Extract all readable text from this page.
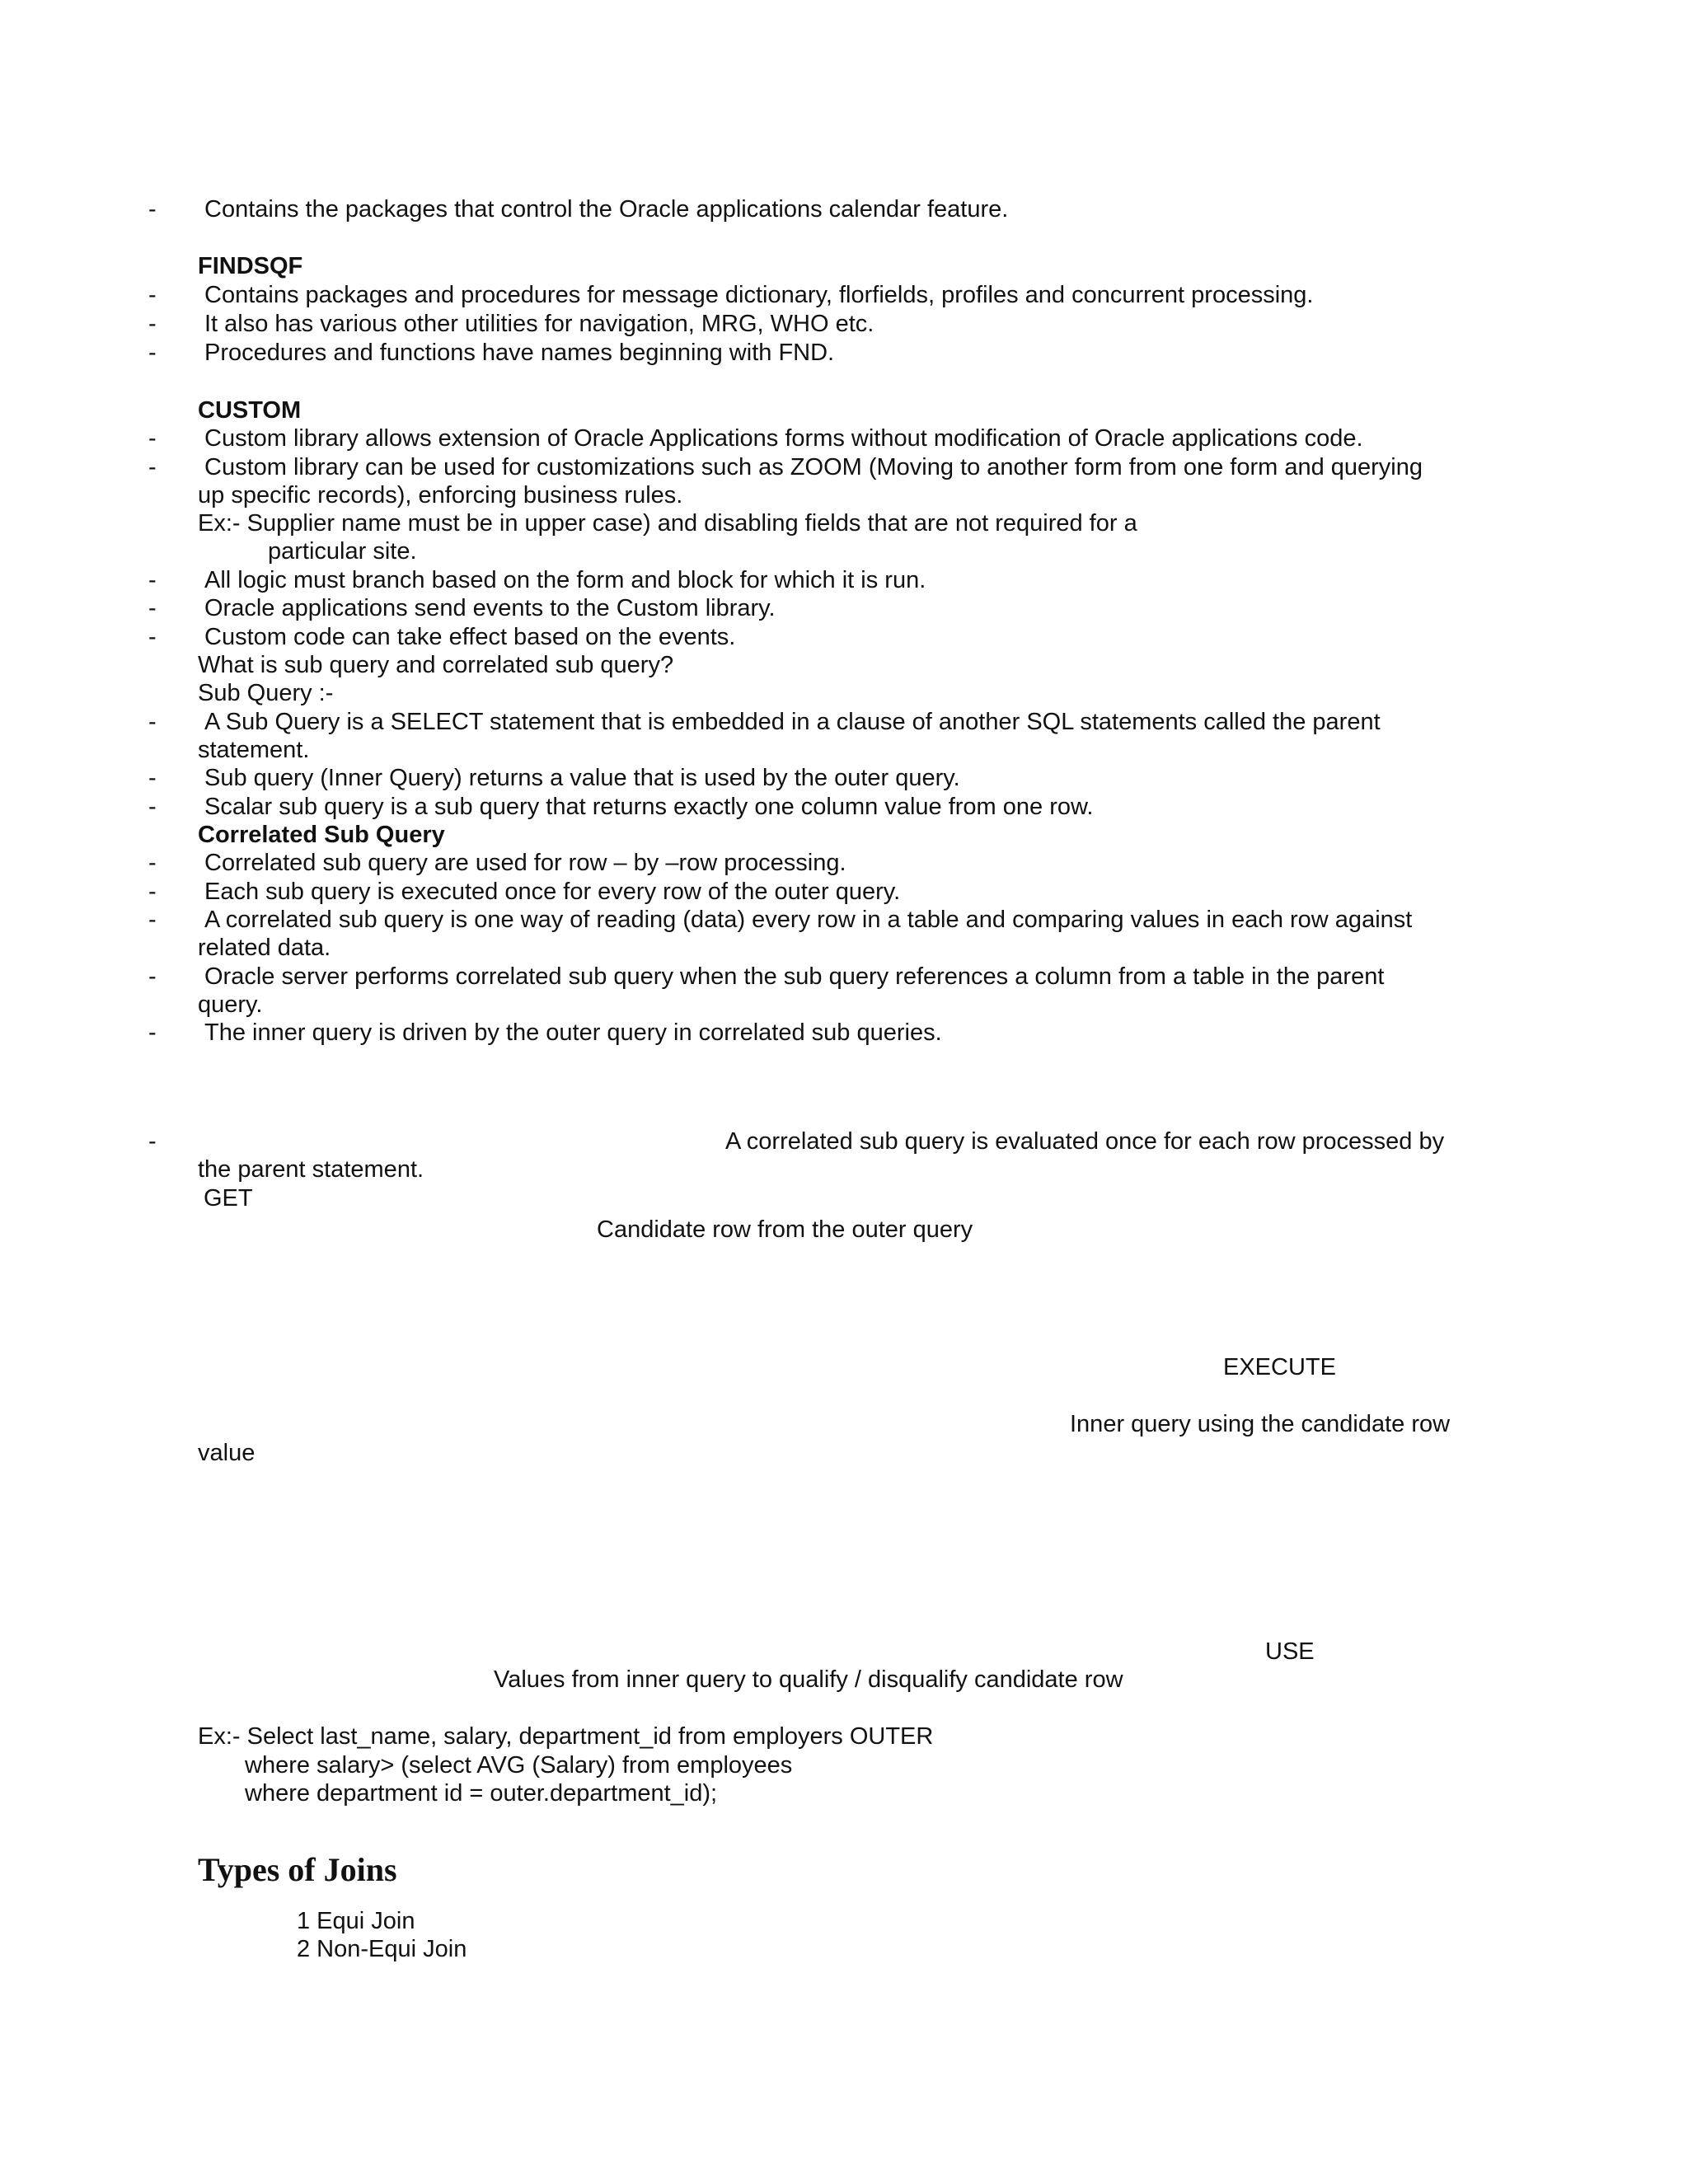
- Contains the packages that control the Oracle applications calendar feature.
FINDSQF
- Contains packages and procedures for message dictionary, florfields, profiles and concurrent processing.
- It also has various other utilities for navigation, MRG, WHO etc.
- Procedures and functions have names beginning with FND.
CUSTOM
- Custom library allows extension of Oracle Applications forms without modification of Oracle applications code.
- Custom library can be used for customizations such as ZOOM (Moving to another form from one form and querying
up specific records), enforcing business rules.
Ex:- Supplier name must be in upper case) and disabling fields that are not required for a
particular site.
- All logic must branch based on the form and block for which it is run.
- Oracle applications send events to the Custom library.
- Custom code can take effect based on the events.
What is sub query and correlated sub query?
Sub Query :-
- A Sub Query is a SELECT statement that is embedded in a clause of another SQL statements called the parent
statement.
- Sub query (Inner Query) returns a value that is used by the outer query.
- Scalar sub query is a sub query that returns exactly one column value from one row.
Correlated Sub Query
- Correlated sub query are used for row – by –row processing.
- Each sub query is executed once for every row of the outer query.
- A correlated sub query is one way of reading (data) every row in a table and comparing values in each row against
related data.
- Oracle server performs correlated sub query when the sub query references a column from a table in the parent
query.
- The inner query is driven by the outer query in correlated sub queries.
-	A correlated sub query is evaluated once for each row processed by
the parent statement.
GET
Candidate row from the outer query
EXECUTE
Inner query using the candidate row
value
USE
Values from inner query to qualify / disqualify candidate row
Ex:- Select last_name, salary, department_id from employers OUTER
where salary> (select AVG (Salary) from employees
where department id = outer.department_id);
Types of Joins
1 Equi Join
2 Non-Equi Join
